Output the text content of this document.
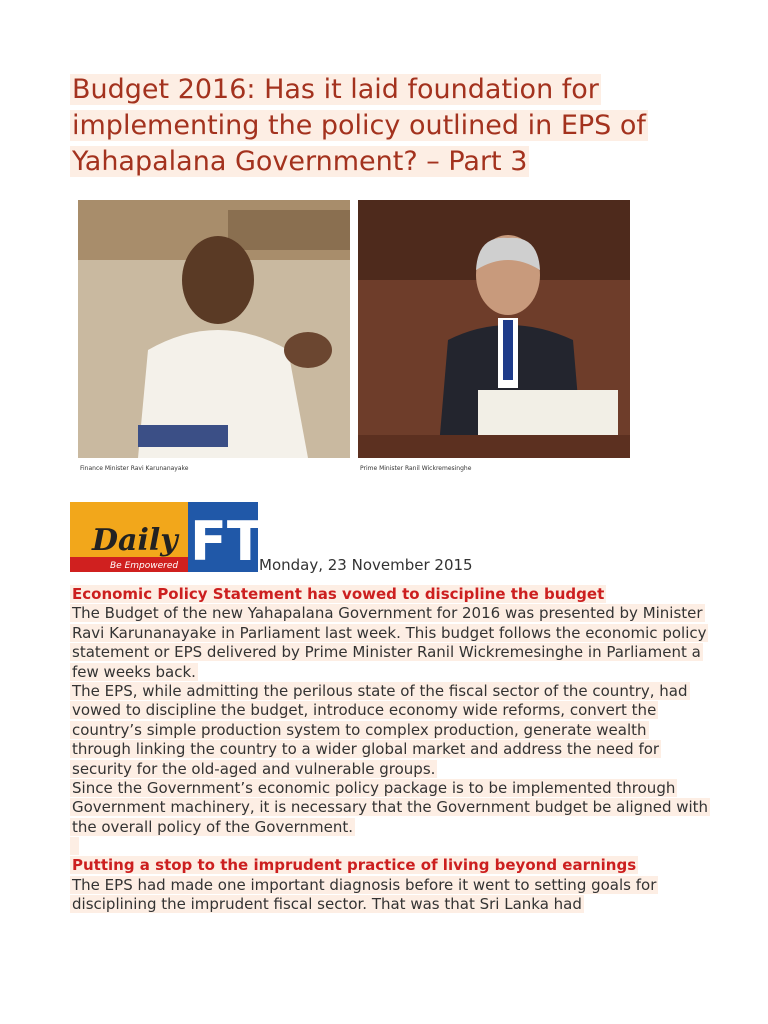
Budget 2016: Has it laid foundation for implementing the policy outlined in EPS of Yahapalana Government? – Part 3
Finance Minister Ravi Karunanayake	Prime Minister Ranil Wickremesinghe
Daily FT
Be Empowered	Monday, 23 November 2015
Economic Policy Statement has vowed to discipline the budget
The Budget of the new Yahapalana Government for 2016 was presented by Minister Ravi Karunanayake in Parliament last week. This budget follows the economic policy statement or EPS delivered by Prime Minister Ranil Wickremesinghe in Parliament a few weeks back.
The EPS, while admitting the perilous state of the fiscal sector of the country, had vowed to discipline the budget, introduce economy wide reforms, convert the country’s simple production system to complex production, generate wealth through linking the country to a wider global market and address the need for security for the old-aged and vulnerable groups.
Since the Government’s economic policy package is to be implemented through Government machinery, it is necessary that the Government budget be aligned with the overall policy of the Government.

Putting a stop to the imprudent practice of living beyond earnings
The EPS had made one important diagnosis before it went to setting goals for disciplining the imprudent fiscal sector. That was that Sri Lanka had
